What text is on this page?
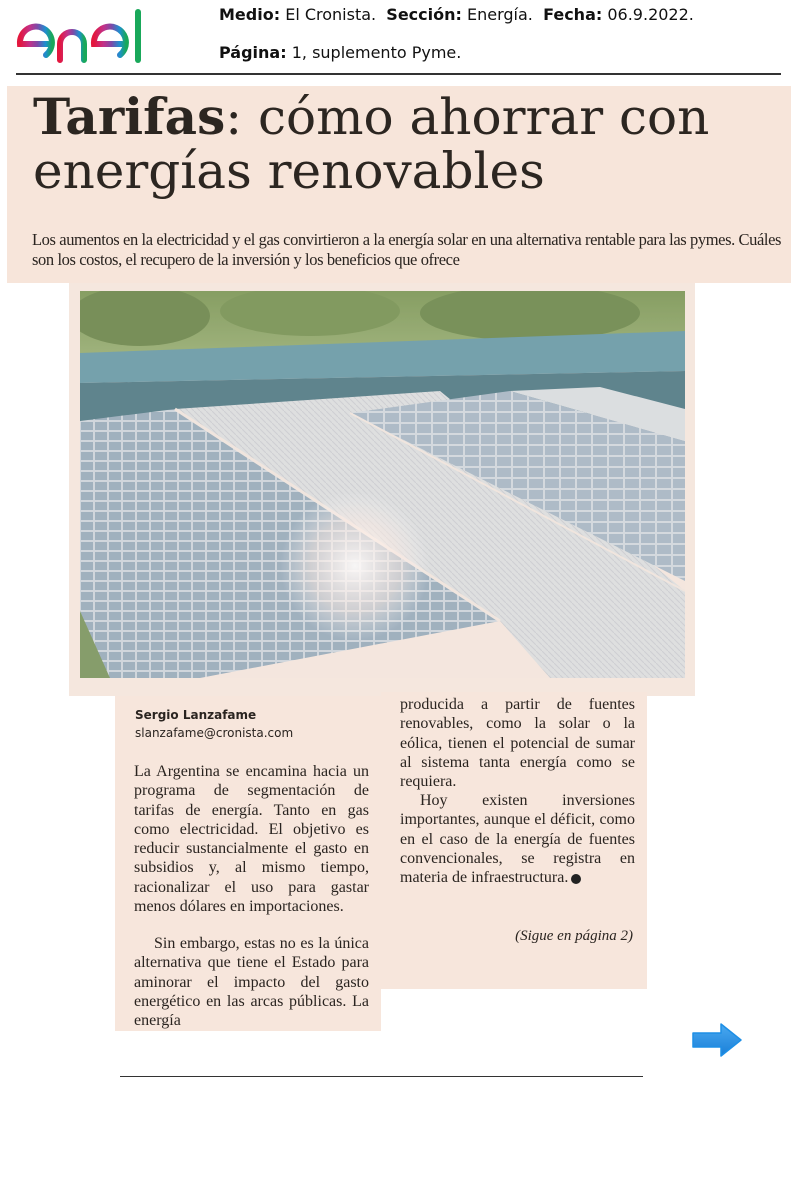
Medio: El Cronista. Sección: Energía. Fecha: 06.9.2022.
Página: 1, suplemento Pyme.
Tarifas: cómo ahorrar con energías renovables
Los aumentos en la electricidad y el gas convirtieron a la energía solar en una alternativa rentable para las pymes. Cuáles son los costos, el recupero de la inversión y los beneficios que ofrece
Sergio Lanzafame
slanzafame@cronista.com

La Argentina se encamina hacia un programa de segmentación de tarifas de energía. Tanto en gas como electricidad. El objetivo es reducir sustancialmente el gasto en subsidios y, al mismo tiempo, racionalizar el uso para gastar menos dólares en importaciones.

Sin embargo, estas no es la única alternativa que tiene el Estado para aminorar el impacto del gasto energético en las arcas públicas. La energía

producida a partir de fuentes renovables, como la solar o la eólica, tienen el potencial de sumar al sistema tanta energía como se requiera.

Hoy existen inversiones importantes, aunque el déficit, como en el caso de la energía de fuentes convencionales, se registra en materia de infraestructura.

(Sigue en página 2)
